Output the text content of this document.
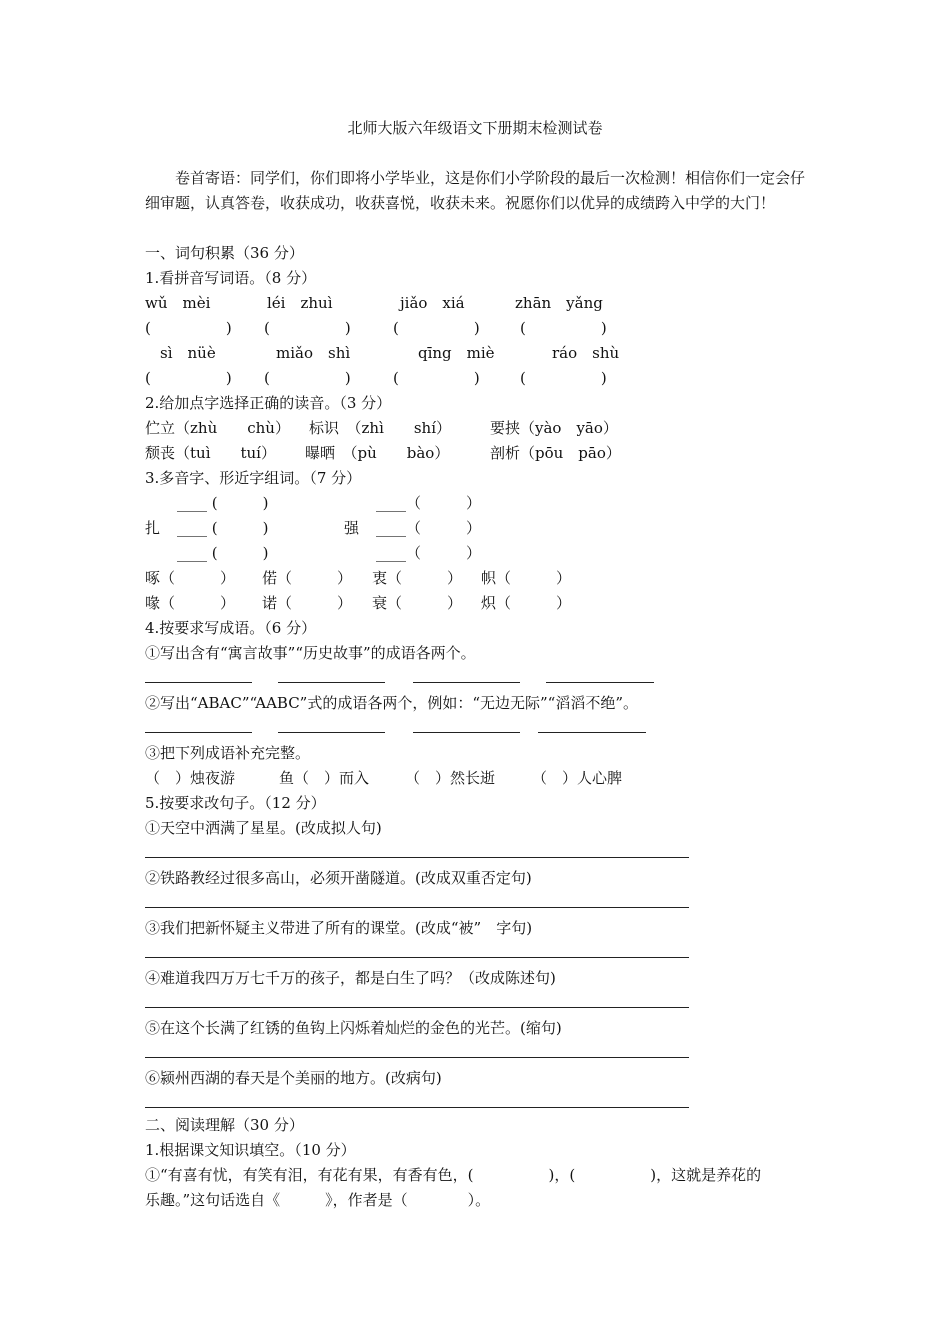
北师大版六年级语文下册期末检测试卷
卷首寄语：同学们，你们即将小学毕业，这是你们小学阶段的最后一次检测！相信你们一定会仔细审题，认真答卷，收获成功，收获喜悦，收获未来。祝愿你们以优异的成绩跨入中学的大门！
一、词句积累（36 分）
1.看拼音写词语。（8 分）
wǔ　mèi	léi　zhuì	jiǎo　xiá	zhān　yǎng
(　　　　　) (　　　　　)	(　　　　　)	(　　　　　)
sì　nüè	miǎo　shì	qīng　miè	ráo　shù
(　　　　　) (　　　　　)	(　　　　　)	(　　　　　)
2.给加点字选择正确的读音。（3 分）
伫立（zhù　　chù） 标识　（zhì　　shí）	要挟（yào　yāo）
颓丧（tuì　　tuí） 曝晒　（pù　　bào）	剖析（pōu　pāo）
3.多音字、形近字组词。（7 分）
____ (　　　)	____（　　　）
扎 ____ (　　　)	强 ____（　　　）
____ (　　　)	____（　　　）
啄（　　　） 偌（　　　） 衷（　　　） 帜（　　　）
喙（　　　） 诺（　　　） 衰（　　　） 炽（　　　）
4.按要求写成语。（6 分）
①写出含有“寓言故事”“历史故事”的成语各两个。
②写出“ABAC”“AABC”式的成语各两个，例如：“无边无际”“滔滔不绝”。
③把下列成语补充完整。
（　）烛夜游	鱼（　）而入 （　）然长逝 （　）人心脾
5.按要求改句子。（12 分）
①天空中洒满了星星。(改成拟人句)
②铁路教经过很多高山，必须开凿隧道。(改成双重否定句)
③我们把新怀疑主义带进了所有的课堂。(改成“被”　字句)
④难道我四万万七千万的孩子，都是白生了吗？（改成陈述句)
⑤在这个长满了红锈的鱼钩上闪烁着灿烂的金色的光芒。(缩句)
⑥颍州西湖的春天是个美丽的地方。(改病句)
二、阅读理解（30 分）
1.根据课文知识填空。（10 分）
①“有喜有忧，有笑有泪，有花有果，有香有色，(　　　　　)，(　　　　　)，这就是养花的
乐趣。”这句话选自《　　　》，作者是（　　　　）。
